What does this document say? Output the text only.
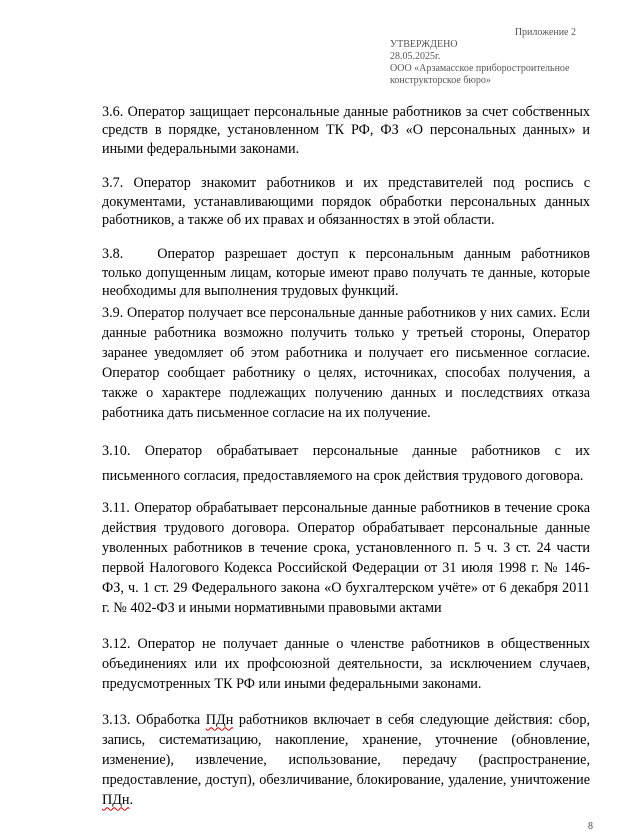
Приложение 2
УТВЕРЖДЕНО
28.05.2025г.
ООО «Арзамасское приборостроительное
конструкторское бюро»

3.6. Оператор защищает персональные данные работников за счет собственных средств в порядке, установленном ТК РФ, ФЗ «О персональных данных» и иными федеральными законами.

3.7. Оператор знакомит работников и их представителей под роспись с документами, устанавливающими порядок обработки персональных данных работников, а также об их правах и обязанностях в этой области.

3.8. Оператор разрешает доступ к персональным данным работников только допущенным лицам, которые имеют право получать те данные, которые необходимы для выполнения трудовых функций.

3.9. Оператор получает все персональные данные работников у них самих. Если данные работника возможно получить только у третьей стороны, Оператор заранее уведомляет об этом работника и получает его письменное согласие. Оператор сообщает работнику о целях, источниках, способах получения, а также о характере подлежащих получению данных и последствиях отказа работника дать письменное согласие на их получение.

3.10. Оператор обрабатывает персональные данные работников с их письменного согласия, предоставляемого на срок действия трудового договора.

3.11. Оператор обрабатывает персональные данные работников в течение срока действия трудового договора. Оператор обрабатывает персональные данные уволенных работников в течение срока, установленного п. 5 ч. 3 ст. 24 части первой Налогового Кодекса Российской Федерации от 31 июля 1998 г. № 146-ФЗ, ч. 1 ст. 29 Федерального закона «О бухгалтерском учёте» от 6 декабря 2011 г. № 402-ФЗ и иными нормативными правовыми актами

3.12. Оператор не получает данные о членстве работников в общественных объединениях или их профсоюзной деятельности, за исключением случаев, предусмотренных ТК РФ или иными федеральными законами.

3.13. Обработка ПДн работников включает в себя следующие действия: сбор, запись, систематизацию, накопление, хранение, уточнение (обновление, изменение), извлечение, использование, передачу (распространение, предоставление, доступ), обезличивание, блокирование, удаление, уничтожение ПДн.

8
